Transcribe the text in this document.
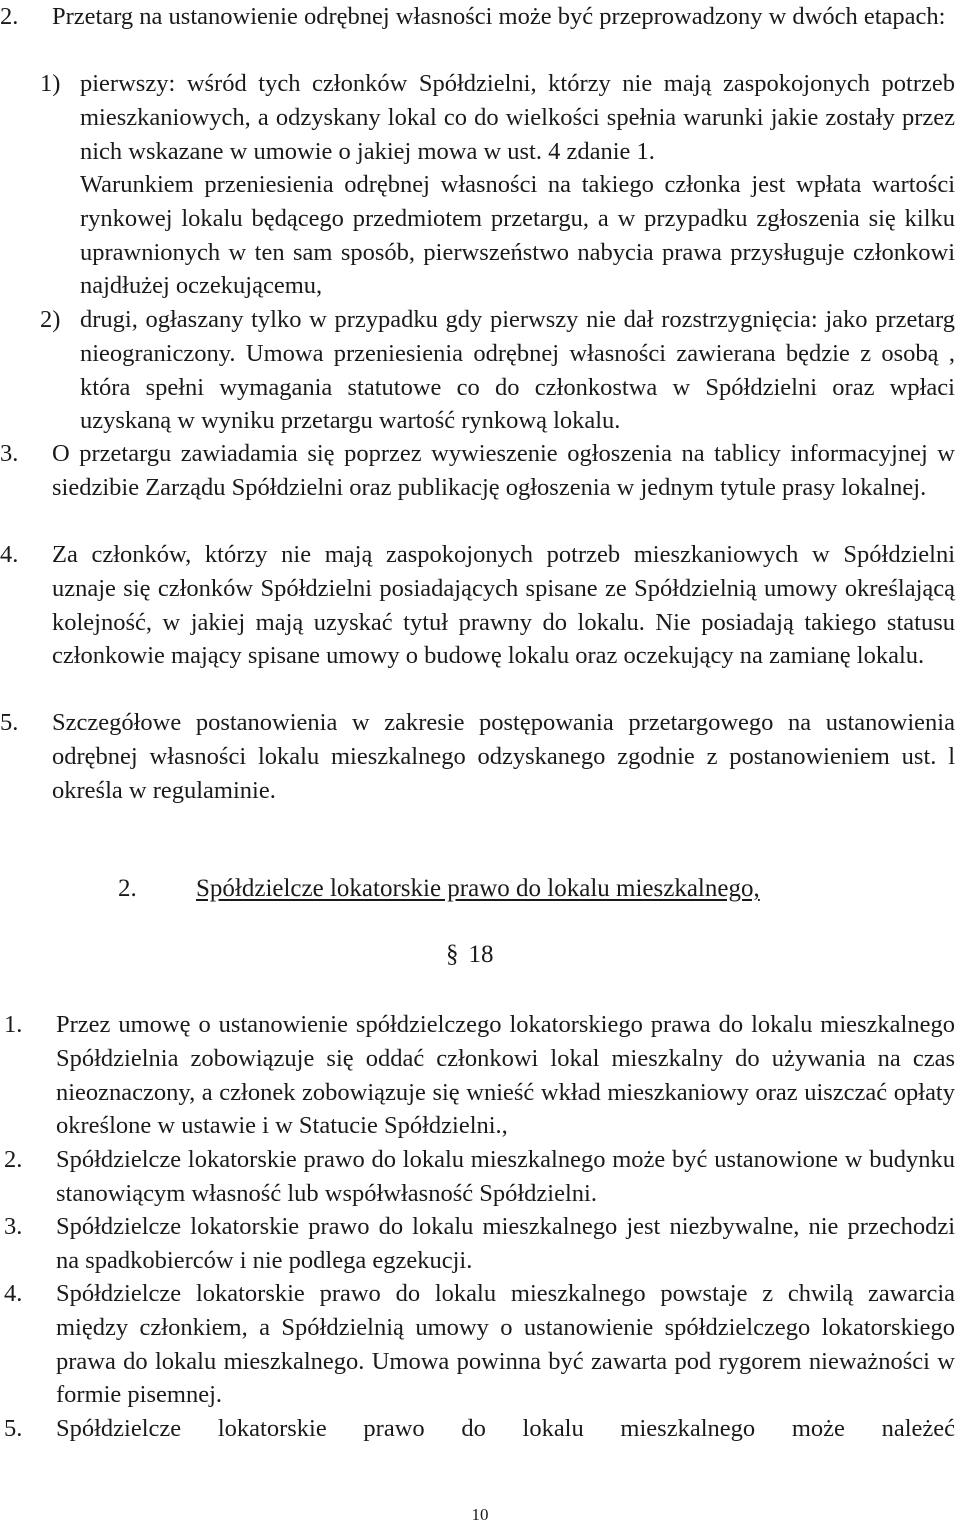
2.	Przetarg na ustanowienie odrębnej własności może być przeprowadzony w dwóch etapach:
1) pierwszy: wśród tych członków Spółdzielni, którzy nie mają zaspokojonych potrzeb mieszkaniowych, a odzyskany lokal co do wielkości spełnia warunki jakie zostały przez nich wskazane w umowie o jakiej mowa w ust. 4 zdanie 1.
Warunkiem przeniesienia odrębnej własności na takiego członka jest wpłata wartości rynkowej lokalu będącego przedmiotem przetargu, a w przypadku zgłoszenia się kilku uprawnionych w ten sam sposób, pierwszeństwo nabycia prawa przysługuje członkowi najdłużej oczekującemu,
2) drugi, ogłaszany tylko w przypadku gdy pierwszy nie dał rozstrzygnięcia: jako przetarg nieograniczony. Umowa przeniesienia odrębnej własności zawierana będzie z osobą , która spełni wymagania statutowe co do członkostwa w Spółdzielni oraz wpłaci uzyskaną w wyniku przetargu wartość rynkową lokalu.
3.	O przetargu zawiadamia się poprzez wywieszenie ogłoszenia na tablicy informacyjnej w siedzibie Zarządu Spółdzielni oraz publikację ogłoszenia w jednym tytule prasy lokalnej.
4.	Za członków, którzy nie mają zaspokojonych potrzeb mieszkaniowych w Spółdzielni uznaje się członków Spółdzielni posiadających spisane ze Spółdzielnią umowy określającą kolejność, w jakiej mają uzyskać tytuł prawny do lokalu. Nie posiadają takiego statusu członkowie mający spisane umowy o budowę lokalu oraz oczekujący na zamianę lokalu.
5.	Szczegółowe postanowienia w zakresie postępowania przetargowego na ustanowienia odrębnej własności lokalu mieszkalnego odzyskanego zgodnie z postanowieniem ust. l określa w regulaminie.
2. Spółdzielcze lokatorskie prawo do lokalu mieszkalnego,
§ 18
1. Przez umowę o ustanowienie spółdzielczego lokatorskiego prawa do lokalu mieszkalnego Spółdzielnia zobowiązuje się oddać członkowi lokal mieszkalny do używania na czas nieoznaczony, a członek zobowiązuje się wnieść wkład mieszkaniowy oraz uiszczać opłaty określone w ustawie i w Statucie Spółdzielni.,
2. Spółdzielcze lokatorskie prawo do lokalu mieszkalnego może być ustanowione w budynku stanowiącym własność lub współwłasność Spółdzielni.
3. Spółdzielcze lokatorskie prawo do lokalu mieszkalnego jest niezbywalne, nie przechodzi na spadkobierców i nie podlega egzekucji.
4. Spółdzielcze lokatorskie prawo do lokalu mieszkalnego powstaje z chwilą zawarcia między członkiem, a Spółdzielnią umowy o ustanowienie spółdzielczego lokatorskiego prawa do lokalu mieszkalnego. Umowa powinna być zawarta pod rygorem nieważności w formie pisemnej.
5. Spółdzielcze lokatorskie prawo do lokalu mieszkalnego może należeć
10
